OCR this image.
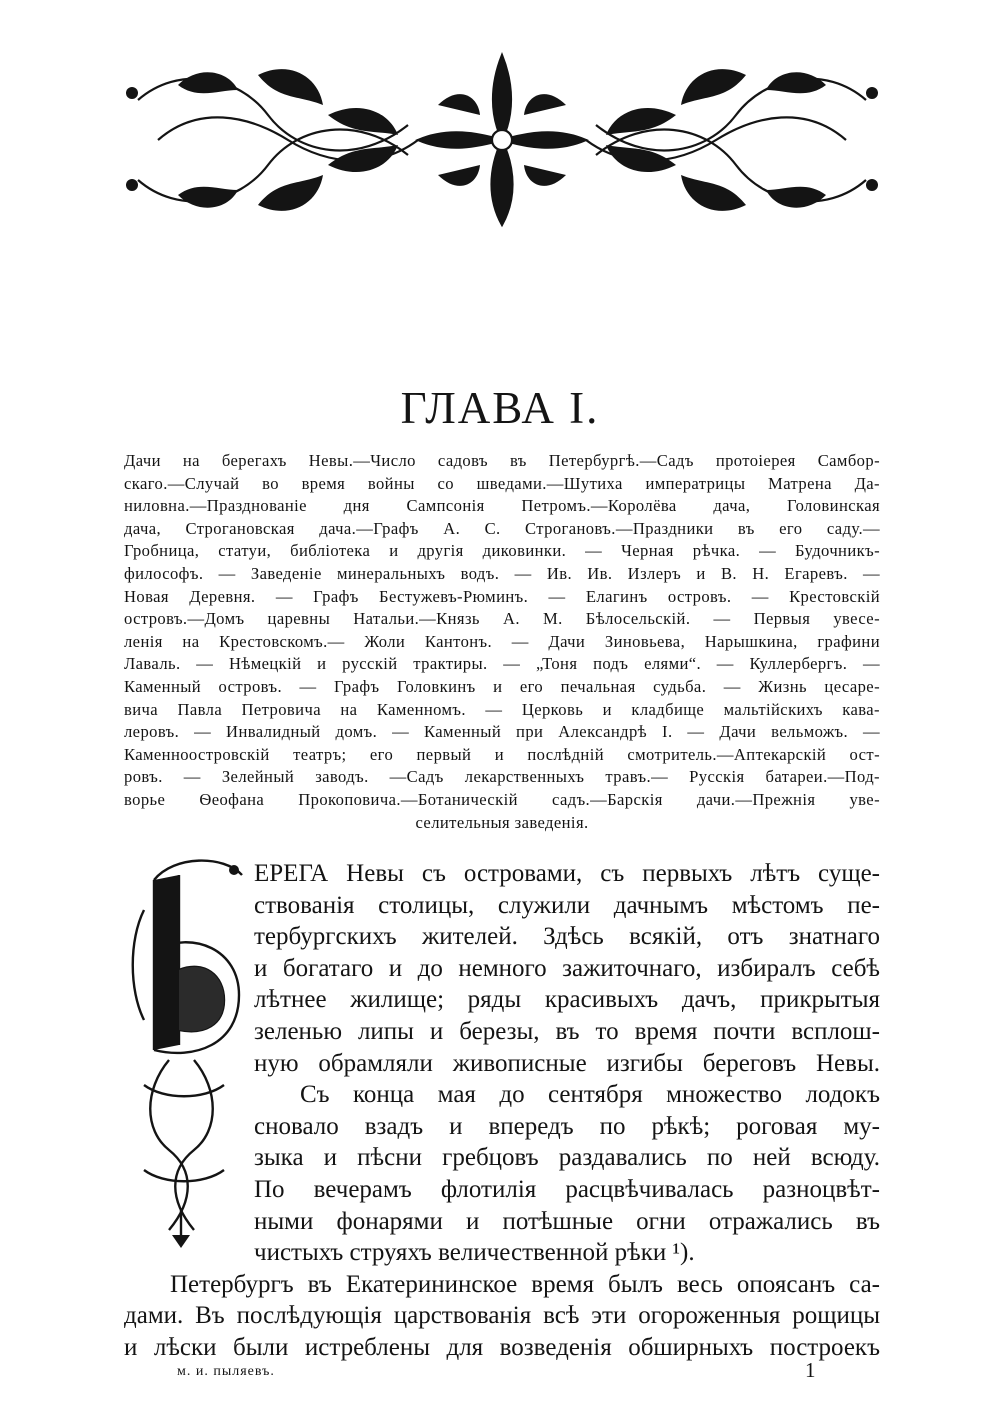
ГЛАВА I.
Дачи на берегахъ Невы.—Число садовъ въ Петербургѣ.—Садъ протоіерея Самбор-
скаго.—Случай во время войны со шведами.—Шутиха императрицы Матрена Да-
ниловна.—Празднованіе дня Сампсонія Петромъ.—Королёва дача, Головинская
дача, Строгановская дача.—Графъ А. С. Строгановъ.—Праздники въ его саду.—
Гробница, статуи, библіотека и другія диковинки. — Черная рѣчка. — Будочникъ-
философъ. — Заведеніе минеральныхъ водъ. — Ив. Ив. Излеръ и В. Н. Егаревъ. —
Новая Деревня. — Графъ Бестужевъ-Рюминъ. — Елагинъ островъ. — Крестовскій
островъ.—Домъ царевны Натальи.—Князь А. М. Бѣлосельскій. — Первыя увесе-
ленія на Крестовскомъ.— Жоли Кантонъ. — Дачи Зиновьева, Нарышкина, графини
Лаваль. — Нѣмецкій и русскій трактиры. — „Тоня подъ елями“. — Куллербергъ. —
Каменный островъ. — Графъ Головкинъ и его печальная судьба. — Жизнь цесаре-
вича Павла Петровича на Каменномъ. — Церковь и кладбище мальтійскихъ кава-
леровъ. — Инвалидный домъ. — Каменный при Александрѣ I. — Дачи вельможъ. —
Каменноостровскій театръ; его первый и послѣдній смотритель.—Аптекарскій ост-
ровъ. — Зелейный заводъ. —Садъ лекарственныхъ травъ.— Русскія батареи.—Под-
ворье Ѳеофана Прокоповича.—Ботаническій садъ.—Барскія дачи.—Прежнія уве-
селительныя заведенія.
ЕРЕГА Невы съ островами, съ первыхъ лѣтъ суще-
ствованія столицы, служили дачнымъ мѣстомъ пе-
тербургскихъ жителей. Здѣсь всякій, отъ знатнаго
и богатаго и до немного зажиточнаго, избиралъ себѣ
лѣтнее жилище; ряды красивыхъ дачъ, прикрытыя
зеленью липы и березы, въ то время почти всплош-
ную обрамляли живописные изгибы береговъ Невы.
Съ конца мая до сентября множество лодокъ
сновало взадъ и впередъ по рѣкѣ; роговая му-
зыка и пѣсни гребцовъ раздавались по ней всюду.
По вечерамъ флотилія расцвѣчивалась разноцвѣт-
ными фонарями и потѣшные огни отражались въ
чистыхъ струяхъ величественной рѣки ¹).
Петербургъ въ Екатерининское время былъ весь опоясанъ са-
дами. Въ послѣдующія царствованія всѣ эти огороженныя рощицы
и лѣски были истреблены для возведенія обширныхъ построекъ
м. и. пыляевъ.	1
